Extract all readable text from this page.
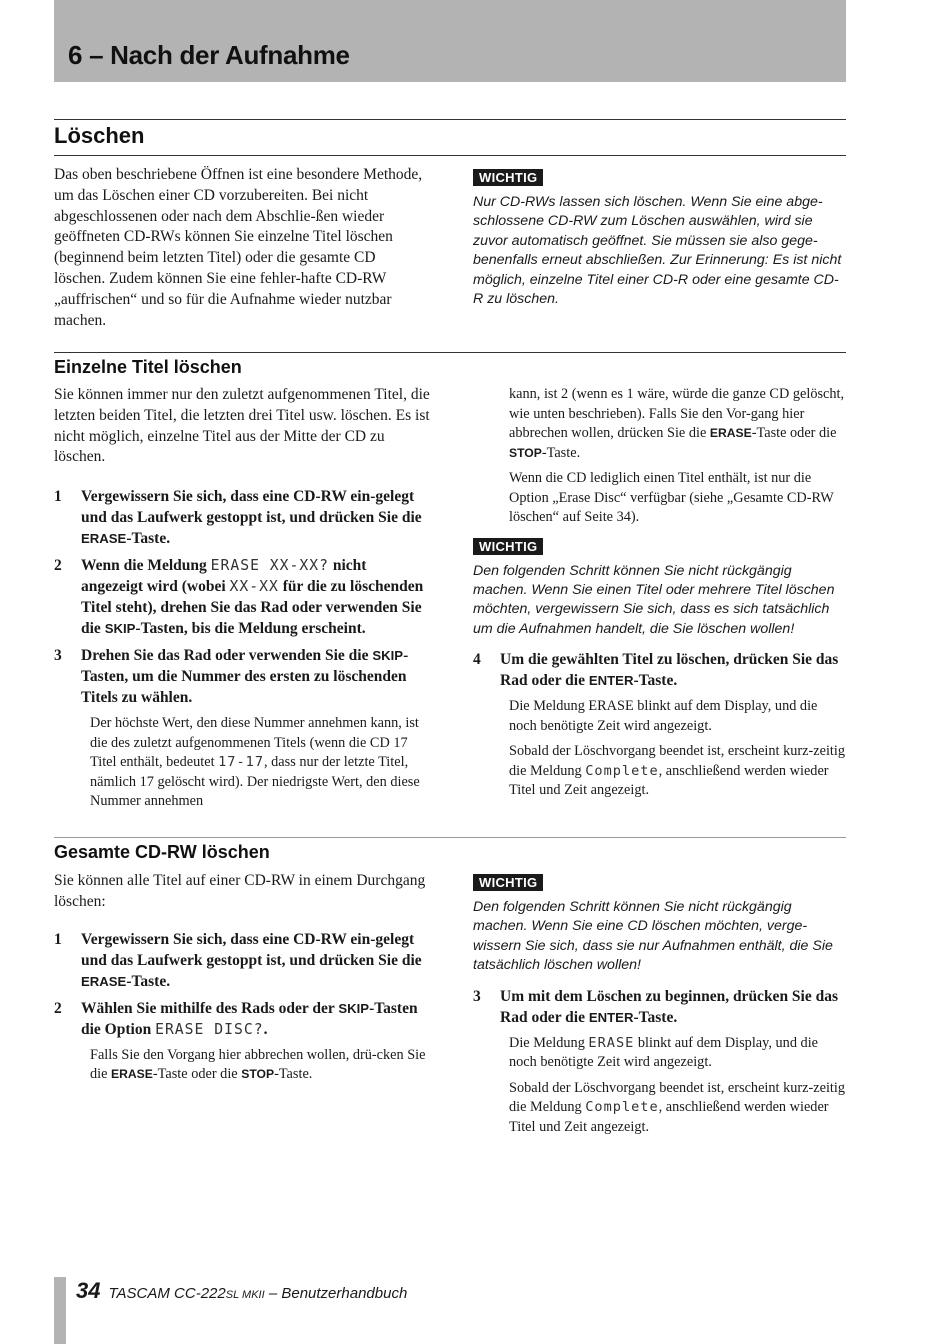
6 – Nach der Aufnahme
Löschen

Das oben beschriebene Öffnen ist eine besondere Methode, um das Löschen einer CD vorzubereiten. Bei nicht abgeschlossenen oder nach dem Abschlie-ßen wieder geöffneten CD-RWs können Sie einzelne Titel löschen (beginnend beim letzten Titel) oder die gesamte CD löschen. Zudem können Sie eine fehler-hafte CD-RW „auffrischen“ und so für die Aufnahme wieder nutzbar machen.

WICHTIG

Nur CD-RWs lassen sich löschen. Wenn Sie eine abge-schlossene CD-RW zum Löschen auswählen, wird sie zuvor automatisch geöffnet. Sie müssen sie also gege-benenfalls erneut abschließen. Zur Erinnerung: Es ist nicht möglich, einzelne Titel einer CD-R oder eine gesamte CD-R zu löschen.

Einzelne Titel löschen

Sie können immer nur den zuletzt aufgenommenen Titel, die letzten beiden Titel, die letzten drei Titel usw. löschen. Es ist nicht möglich, einzelne Titel aus der Mitte der CD zu löschen.

1 Vergewissern Sie sich, dass eine CD-RW ein-gelegt und das Laufwerk gestoppt ist, und drücken Sie die ERASE-Taste.

2 Wenn die Meldung ERASE XX-XX? nicht angezeigt wird (wobei XX-XX für die zu löschenden Titel steht), drehen Sie das Rad oder verwenden Sie die SKIP-Tasten, bis die Meldung erscheint.

3 Drehen Sie das Rad oder verwenden Sie die SKIP-Tasten, um die Nummer des ersten zu löschenden Titels zu wählen.

Der höchste Wert, den diese Nummer annehmen kann, ist die des zuletzt aufgenommenen Titels (wenn die CD 17 Titel enthält, bedeutet 17-17, dass nur der letzte Titel, nämlich 17 gelöscht wird). Der niedrigste Wert, den diese Nummer annehmen

kann, ist 2 (wenn es 1 wäre, würde die ganze CD gelöscht, wie unten beschrieben). Falls Sie den Vor-gang hier abbrechen wollen, drücken Sie die ERASE-Taste oder die STOP-Taste.

Wenn die CD lediglich einen Titel enthält, ist nur die Option „Erase Disc“ verfügbar (siehe „Gesamte CD-RW löschen“ auf Seite 34).

WICHTIG

Den folgenden Schritt können Sie nicht rückgängig machen. Wenn Sie einen Titel oder mehrere Titel löschen möchten, vergewissern Sie sich, dass es sich tatsächlich um die Aufnahmen handelt, die Sie löschen wollen!

4 Um die gewählten Titel zu löschen, drücken Sie das Rad oder die ENTER-Taste.

Die Meldung ERASE blinkt auf dem Display, und die noch benötigte Zeit wird angezeigt.

Sobald der Löschvorgang beendet ist, erscheint kurz-zeitig die Meldung Complete, anschließend werden wieder Titel und Zeit angezeigt.

Gesamte CD-RW löschen

Sie können alle Titel auf einer CD-RW in einem Durchgang löschen:

1 Vergewissern Sie sich, dass eine CD-RW ein-gelegt und das Laufwerk gestoppt ist, und drücken Sie die ERASE-Taste.

2 Wählen Sie mithilfe des Rads oder der SKIP-Tasten die Option ERASE DISC?.

Falls Sie den Vorgang hier abbrechen wollen, drü-cken Sie die ERASE-Taste oder die STOP-Taste.

WICHTIG

Den folgenden Schritt können Sie nicht rückgängig machen. Wenn Sie eine CD löschen möchten, verge-wissern Sie sich, dass sie nur Aufnahmen enthält, die Sie tatsächlich löschen wollen!

3 Um mit dem Löschen zu beginnen, drücken Sie das Rad oder die ENTER-Taste.

Die Meldung ERASE blinkt auf dem Display, und die noch benötigte Zeit wird angezeigt.

Sobald der Löschvorgang beendet ist, erscheint kurz-zeitig die Meldung Complete, anschließend werden wieder Titel und Zeit angezeigt.

34 TASCAM CC-222SL MKII – Benutzerhandbuch
